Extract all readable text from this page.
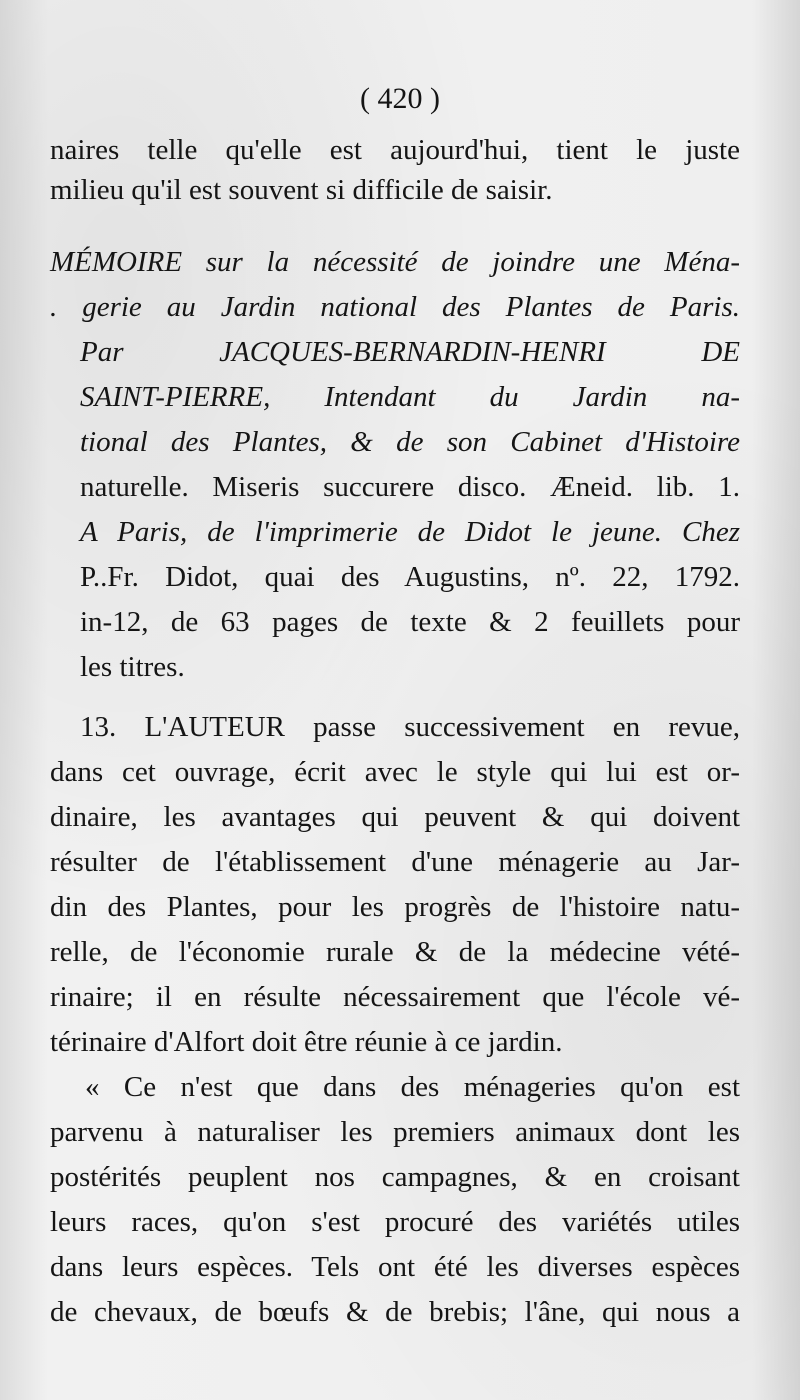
( 420 )
naires telle qu'elle est aujourd'hui, tient le juste
milieu qu'il est souvent si difficile de saisir.
MÉMOIRE sur la nécessité de joindre une Ména-
. gerie au Jardin national des Plantes de Paris.
Par JACQUES-BERNARDIN-HENRI DE
SAINT-PIERRE, Intendant du Jardin na-
tional des Plantes, & de son Cabinet d'Histoire
naturelle. Miseris succurere disco. Æneid. lib. 1.
A Paris, de l'imprimerie de Didot le jeune. Chez
P..Fr. Didot, quai des Augustins, nº. 22, 1792.
in-12, de 63 pages de texte & 2 feuillets pour
les titres.
13. L'AUTEUR passe successivement en revue,
dans cet ouvrage, écrit avec le style qui lui est or-
dinaire, les avantages qui peuvent & qui doivent
résulter de l'établissement d'une ménagerie au Jar-
din des Plantes, pour les progrès de l'histoire natu-
relle, de l'économie rurale & de la médecine vété-
rinaire; il en résulte nécessairement que l'école vé-
térinaire d'Alfort doit être réunie à ce jardin.
« Ce n'est que dans des ménageries qu'on est
parvenu à naturaliser les premiers animaux dont les
postérités peuplent nos campagnes, & en croisant
leurs races, qu'on s'est procuré des variétés utiles
dans leurs espèces. Tels ont été les diverses espèces
de chevaux, de bœufs & de brebis; l'âne, qui nous a
